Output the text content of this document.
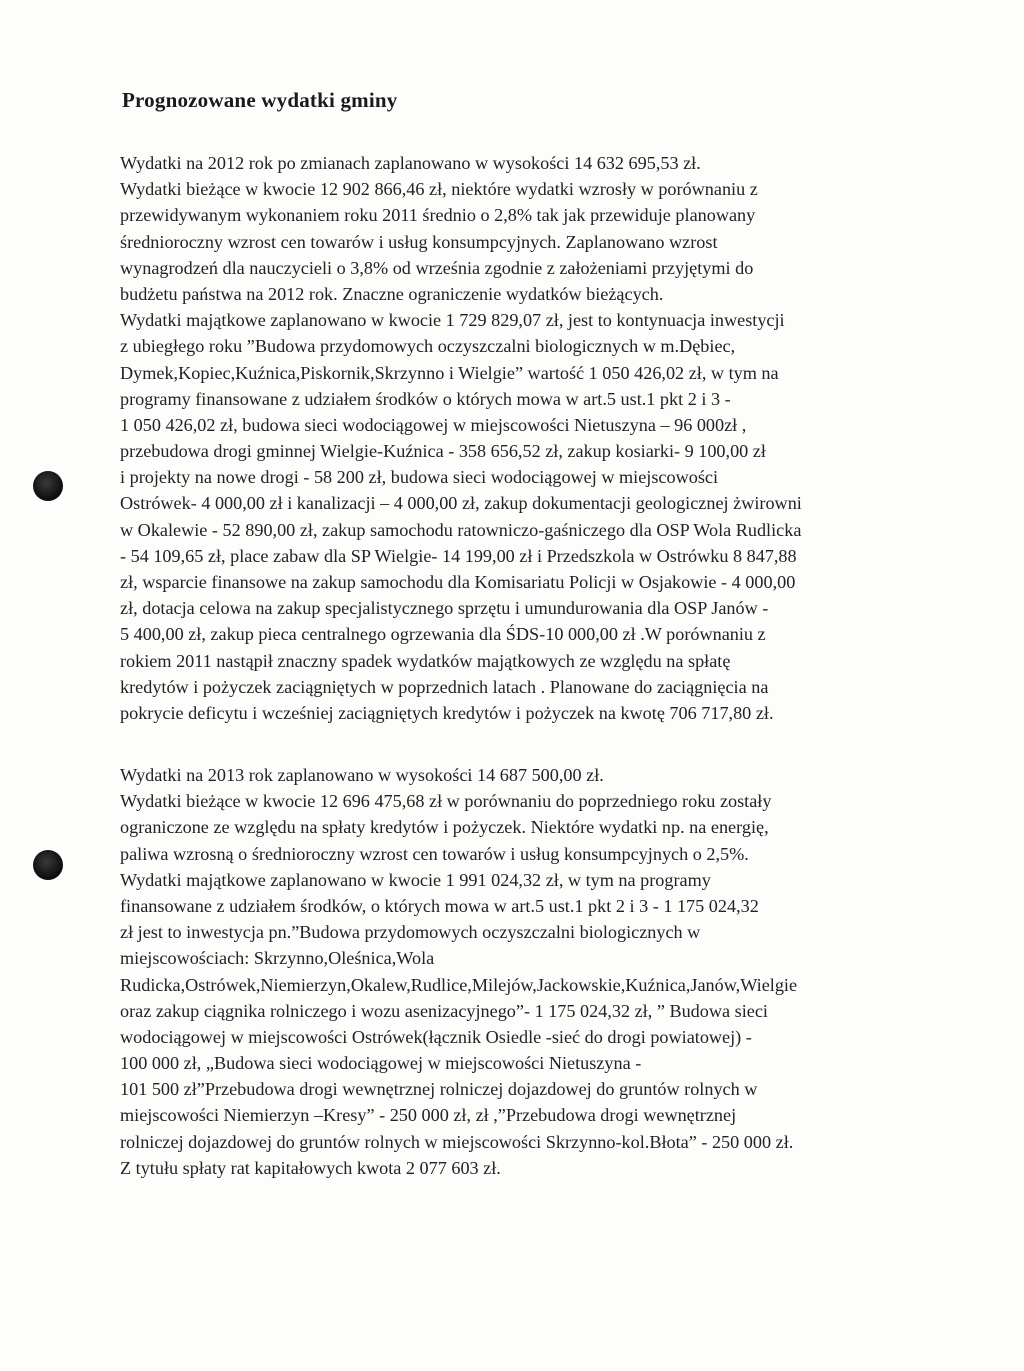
Prognozowane wydatki gminy
Wydatki na 2012 rok po zmianach zaplanowano w wysokości 14 632 695,53 zł.
Wydatki bieżące w kwocie 12 902 866,46 zł, niektóre wydatki wzrosły w porównaniu z
przewidywanym wykonaniem roku 2011 średnio o 2,8% tak jak przewiduje planowany
średnioroczny wzrost cen towarów i usług konsumpcyjnych. Zaplanowano wzrost
wynagrodzeń dla nauczycieli o 3,8% od września zgodnie z założeniami przyjętymi do
budżetu państwa na 2012 rok. Znaczne ograniczenie wydatków bieżących.
Wydatki majątkowe zaplanowano w kwocie 1 729 829,07 zł, jest to kontynuacja inwestycji
z ubiegłego roku ”Budowa przydomowych oczyszczalni biologicznych w m.Dębiec,
Dymek,Kopiec,Kuźnica,Piskornik,Skrzynno i Wielgie” wartość 1 050 426,02 zł, w tym na
programy finansowane z udziałem środków o których mowa w art.5 ust.1 pkt 2 i 3 -
1 050 426,02 zł, budowa sieci wodociągowej w miejscowości Nietuszyna – 96 000zł ,
przebudowa drogi gminnej Wielgie-Kuźnica - 358 656,52 zł, zakup kosiarki- 9 100,00 zł
i projekty na nowe drogi - 58 200 zł, budowa sieci wodociągowej w miejscowości
Ostrówek- 4 000,00 zł i kanalizacji – 4 000,00 zł, zakup dokumentacji geologicznej żwirowni
w Okalewie - 52 890,00 zł, zakup samochodu ratowniczo-gaśniczego dla OSP Wola Rudlicka
- 54 109,65 zł, place zabaw dla SP Wielgie- 14 199,00 zł i Przedszkola w Ostrówku 8 847,88
zł, wsparcie finansowe na zakup samochodu dla Komisariatu Policji w Osjakowie - 4 000,00
zł, dotacja celowa na zakup specjalistycznego sprzętu i umundurowania dla OSP Janów -
5 400,00 zł, zakup pieca centralnego ogrzewania dla ŚDS-10 000,00 zł .W porównaniu z
rokiem 2011 nastąpił znaczny spadek wydatków majątkowych ze względu na spłatę
kredytów i pożyczek zaciągniętych w poprzednich latach . Planowane do zaciągnięcia na
pokrycie deficytu i wcześniej zaciągniętych kredytów i pożyczek na kwotę 706 717,80 zł.
Wydatki na 2013 rok zaplanowano w wysokości 14 687 500,00 zł.
Wydatki bieżące w kwocie 12 696 475,68 zł w porównaniu do poprzedniego roku zostały
ograniczone ze względu na spłaty kredytów i pożyczek. Niektóre wydatki np. na energię,
paliwa wzrosną o średnioroczny wzrost cen towarów i usług konsumpcyjnych o 2,5%.
Wydatki majątkowe zaplanowano w kwocie 1 991 024,32 zł, w tym na programy
finansowane z udziałem środków, o których mowa w art.5 ust.1 pkt 2 i 3 - 1 175 024,32
zł jest to inwestycja pn.”Budowa przydomowych oczyszczalni biologicznych w
miejscowościach: Skrzynno,Oleśnica,Wola
Rudicka,Ostrówek,Niemierzyn,Okalew,Rudlice,Milejów,Jackowskie,Kuźnica,Janów,Wielgie
oraz zakup ciągnika rolniczego i wozu asenizacyjnego”- 1 175 024,32 zł, ” Budowa sieci
wodociągowej w miejscowości Ostrówek(łącznik Osiedle -sieć do drogi powiatowej) -
100 000 zł, „Budowa sieci wodociągowej w miejscowości Nietuszyna -
101 500 zł”Przebudowa drogi wewnętrznej rolniczej dojazdowej do gruntów rolnych w
miejscowości Niemierzyn –Kresy” - 250 000 zł, zł ,”Przebudowa drogi wewnętrznej
rolniczej dojazdowej do gruntów rolnych w miejscowości Skrzynno-kol.Błota” - 250 000 zł.
Z tytułu spłaty rat kapitałowych kwota 2 077 603 zł.
